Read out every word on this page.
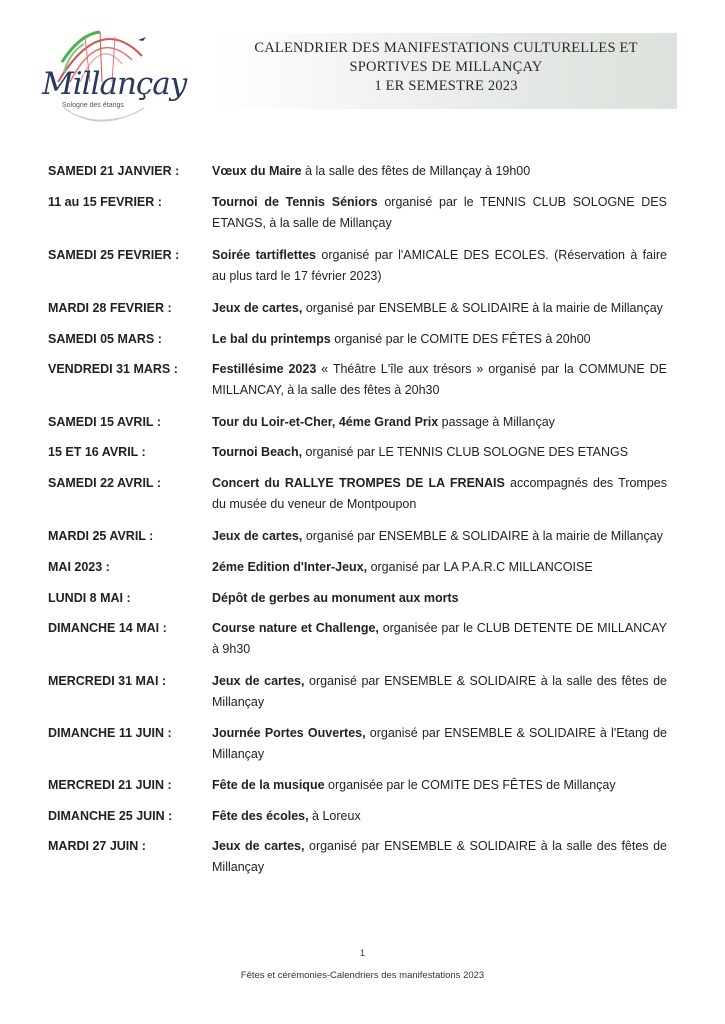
Millançay
Sologne des étangs
CALENDRIER DES MANIFESTATIONS CULTURELLES ET
SPORTIVES DE MILLANÇAY
1 ER SEMESTRE 2023
SAMEDI 21 JANVIER :	Vœux du Maire à la salle des fêtes de Millançay à 19h00
11 au 15 FEVRIER :	Tournoi de Tennis Séniors organisé par le TENNIS CLUB SOLOGNE DES ETANGS, à la salle de Millançay
SAMEDI 25 FEVRIER :	Soirée tartiflettes organisé par l'AMICALE DES ECOLES. (Réservation à faire au plus tard le 17 février 2023)
MARDI 28 FEVRIER :	Jeux de cartes, organisé par ENSEMBLE & SOLIDAIRE à la mairie de Millançay
SAMEDI 05 MARS :	Le bal du printemps organisé par le COMITE DES FÊTES à 20h00
VENDREDI 31 MARS :	Festillésime 2023 « Théâtre L'île aux trésors » organisé par la COMMUNE DE MILLANCAY, à la salle des fêtes à 20h30
SAMEDI 15 AVRIL :	Tour du Loir-et-Cher, 4éme Grand Prix passage à Millançay
15 ET 16 AVRIL :	Tournoi Beach, organisé par LE TENNIS CLUB SOLOGNE DES ETANGS
SAMEDI 22 AVRIL :	Concert du RALLYE TROMPES DE LA FRENAIS accompagnés des Trompes du musée du veneur de Montpoupon
MARDI 25 AVRIL :	Jeux de cartes, organisé par ENSEMBLE & SOLIDAIRE à la mairie de Millançay
MAI 2023 :	2éme Edition d'Inter-Jeux, organisé par LA P.A.R.C MILLANCOISE
LUNDI 8 MAI :	Dépôt de gerbes au monument aux morts
DIMANCHE 14 MAI :	Course nature et Challenge, organisée par le CLUB DETENTE DE MILLANCAY à 9h30
MERCREDI 31 MAI :	Jeux de cartes, organisé par ENSEMBLE & SOLIDAIRE à la salle des fêtes de Millançay
DIMANCHE 11 JUIN :	Journée Portes Ouvertes, organisé par ENSEMBLE & SOLIDAIRE à l'Etang de Millançay
MERCREDI 21 JUIN :	Fête de la musique organisée par le COMITE DES FÊTES de Millançay
DIMANCHE 25 JUIN :	Fête des écoles, à Loreux
MARDI 27 JUIN :	Jeux de cartes, organisé par ENSEMBLE & SOLIDAIRE à la salle des fêtes de Millançay
1
Fêtes et cérémonies-Calendriers des manifestations 2023
